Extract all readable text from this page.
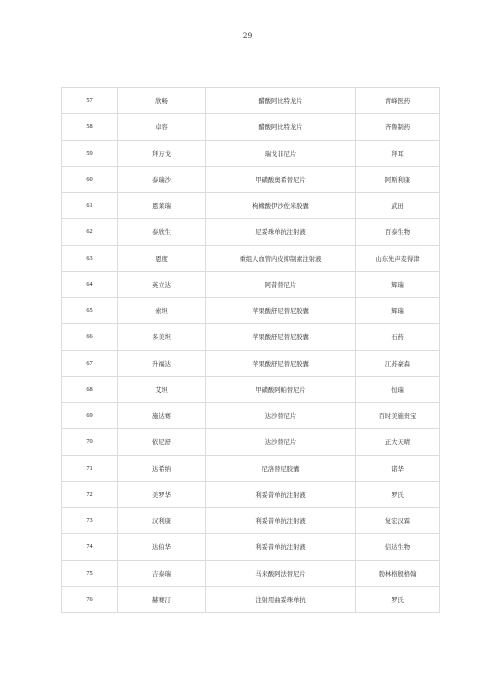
29
57	欣畅	醋酸阿比特龙片	青峰医药
58	卓容	醋酸阿比特龙片	齐鲁制药
59	拜万戈	瑞戈非尼片	拜耳
60	泰瑞沙	甲磺酸奥希替尼片	阿斯利康
61	恩莱瑞	枸橼酸伊沙佐米胶囊	武田
62	泰欣生	尼妥珠单抗注射液	百泰生物
63	恩度	重组人血管内皮抑制素注射液	山东先声麦得津
64	英立达	阿昔替尼片	辉瑞
65	索坦	苹果酸舒尼替尼胶囊	辉瑞
66	多美坦	苹果酸舒尼替尼胶囊	石药
67	升福达	苹果酸舒尼替尼胶囊	江苏豪森
68	艾坦	甲磺酸阿帕替尼片	恒瑞
69	施达赛	达沙替尼片	百时美施贵宝
70	依尼舒	达沙替尼片	正大天晴
71	达希纳	尼洛替尼胶囊	诺华
72	美罗华	利妥昔单抗注射液	罗氏
73	汉利康	利妥昔单抗注射液	复宏汉霖
74	达伯华	利妥昔单抗注射液	信达生物
75	吉泰瑞	马来酸阿法替尼片	勃林格殷格翰
76	赫赛汀	注射用曲妥珠单抗	罗氏
